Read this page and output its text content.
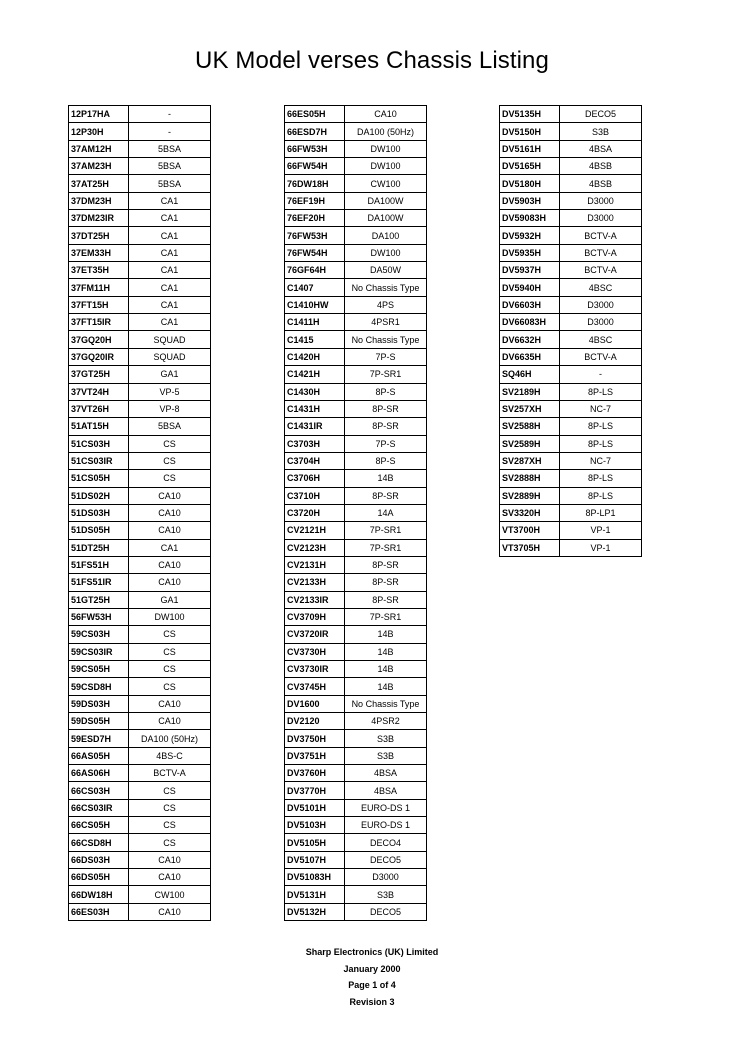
UK Model verses Chassis Listing
12P17HA	-
12P30H	-
37AM12H	5BSA
37AM23H	5BSA
37AT25H	5BSA
37DM23H	CA1
37DM23IR	CA1
37DT25H	CA1
37EM33H	CA1
37ET35H	CA1
37FM11H	CA1
37FT15H	CA1
37FT15IR	CA1
37GQ20H	SQUAD
37GQ20IR	SQUAD
37GT25H	GA1
37VT24H	VP-5
37VT26H	VP-8
51AT15H	5BSA
51CS03H	CS
51CS03IR	CS
51CS05H	CS
51DS02H	CA10
51DS03H	CA10
51DS05H	CA10
51DT25H	CA1
51FS51H	CA10
51FS51IR	CA10
51GT25H	GA1
56FW53H	DW100
59CS03H	CS
59CS03IR	CS
59CS05H	CS
59CSD8H	CS
59DS03H	CA10
59DS05H	CA10
59ESD7H	DA100 (50Hz)
66AS05H	4BS-C
66AS06H	BCTV-A
66CS03H	CS
66CS03IR	CS
66CS05H	CS
66CSD8H	CS
66DS03H	CA10
66DS05H	CA10
66DW18H	CW100
66ES03H	CA10
66ES05H	CA10
66ESD7H	DA100 (50Hz)
66FW53H	DW100
66FW54H	DW100
76DW18H	CW100
76EF19H	DA100W
76EF20H	DA100W
76FW53H	DA100
76FW54H	DW100
76GF64H	DA50W
C1407	No Chassis Type
C1410HW	4PS
C1411H	4PSR1
C1415	No Chassis Type
C1420H	7P-S
C1421H	7P-SR1
C1430H	8P-S
C1431H	8P-SR
C1431IR	8P-SR
C3703H	7P-S
C3704H	8P-S
C3706H	14B
C3710H	8P-SR
C3720H	14A
CV2121H	7P-SR1
CV2123H	7P-SR1
CV2131H	8P-SR
CV2133H	8P-SR
CV2133IR	8P-SR
CV3709H	7P-SR1
CV3720IR	14B
CV3730H	14B
CV3730IR	14B
CV3745H	14B
DV1600	No Chassis Type
DV2120	4PSR2
DV3750H	S3B
DV3751H	S3B
DV3760H	4BSA
DV3770H	4BSA
DV5101H	EURO-DS 1
DV5103H	EURO-DS 1
DV5105H	DECO4
DV5107H	DECO5
DV51083H	D3000
DV5131H	S3B
DV5132H	DECO5
DV5135H	DECO5
DV5150H	S3B
DV5161H	4BSA
DV5165H	4BSB
DV5180H	4BSB
DV5903H	D3000
DV59083H	D3000
DV5932H	BCTV-A
DV5935H	BCTV-A
DV5937H	BCTV-A
DV5940H	4BSC
DV6603H	D3000
DV66083H	D3000
DV6632H	4BSC
DV6635H	BCTV-A
SQ46H	-
SV2189H	8P-LS
SV257XH	NC-7
SV2588H	8P-LS
SV2589H	8P-LS
SV287XH	NC-7
SV2888H	8P-LS
SV2889H	8P-LS
SV3320H	8P-LP1
VT3700H	VP-1
VT3705H	VP-1
Sharp Electronics (UK) Limited
January 2000
Page 1 of 4
Revision 3
